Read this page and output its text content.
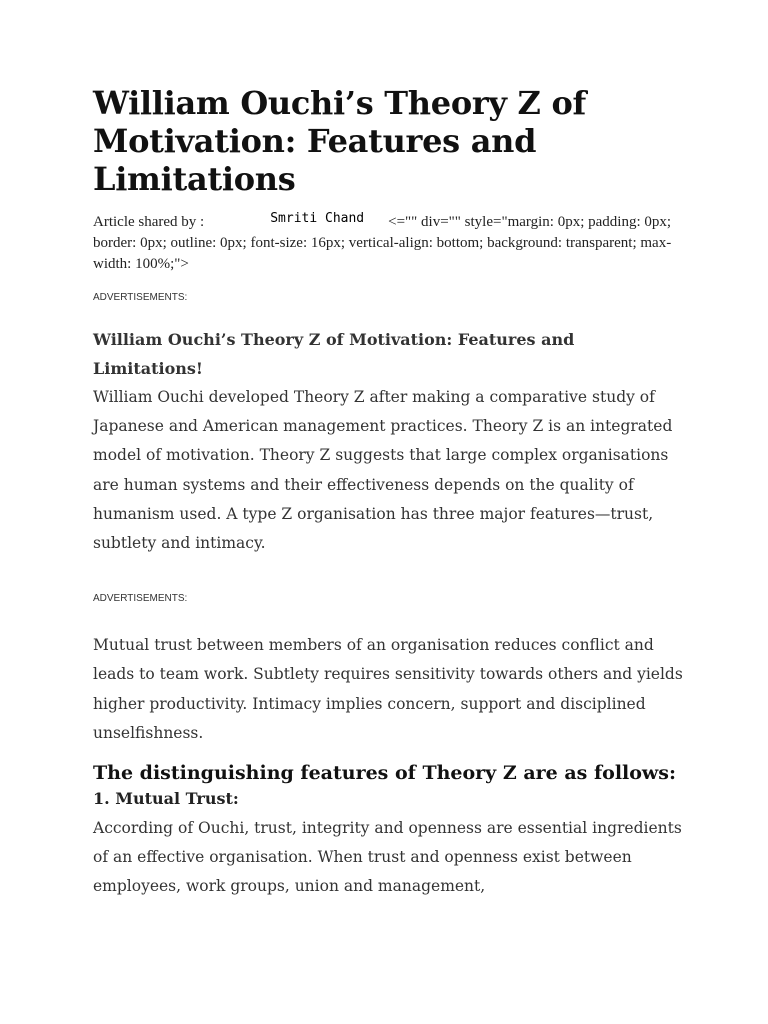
William Ouchi’s Theory Z of Motivation: Features and Limitations
Article shared by :	Smriti Chand <="" div="" style="margin: 0px; padding: 0px; border: 0px; outline: 0px; font-size: 16px; vertical-align: bottom; background: transparent; max-width: 100%;">
ADVERTISEMENTS:
William Ouchi’s Theory Z of Motivation: Features and Limitations!

William Ouchi developed Theory Z after making a comparative study of Japanese and American management practices. Theory Z is an integrated model of motivation. Theory Z suggests that large complex organisations are human systems and their effectiveness depends on the quality of humanism used. A type Z organisation has three major features—trust, subtlety and intimacy.

ADVERTISEMENTS:

Mutual trust between members of an organisation reduces conflict and leads to team work. Subtlety requires sensitivity towards others and yields higher productivity. Intimacy implies concern, support and disciplined unselfishness.

The distinguishing features of Theory Z are as follows:
1. Mutual Trust:

According of Ouchi, trust, integrity and openness are essential ingredients of an effective organisation. When trust and openness exist between employees, work groups, union and management,
